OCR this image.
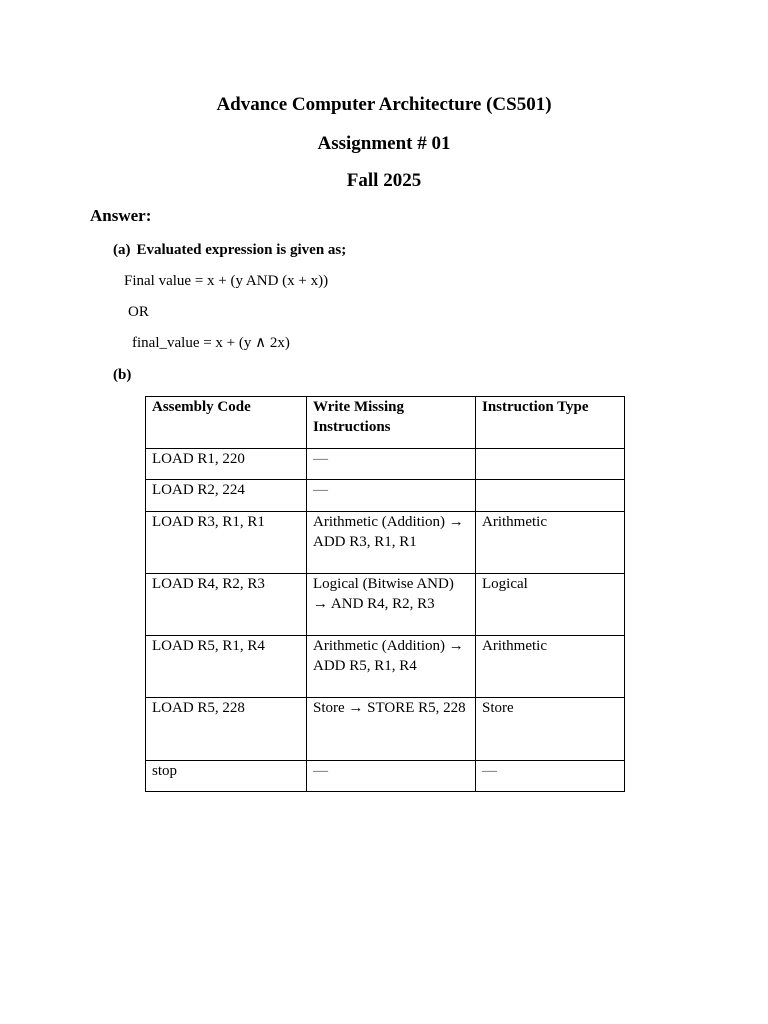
Advance Computer Architecture (CS501)
Assignment # 01
Fall 2025
Answer:
(a) Evaluated expression is given as;
Final value = x + (y AND (x + x))
OR
final_value = x + (y ∧ 2x)
(b)
Assembly Code	Write Missing Instructions	Instruction Type
LOAD R1, 220	—	
LOAD R2, 224	—	
LOAD R3, R1, R1	Arithmetic (Addition) → ADD R3, R1, R1	Arithmetic
LOAD R4, R2, R3	Logical (Bitwise AND) → AND R4, R2, R3	Logical
LOAD R5, R1, R4	Arithmetic (Addition) → ADD R5, R1, R4	Arithmetic
LOAD R5, 228	Store → STORE R5, 228	Store
stop	—	—
